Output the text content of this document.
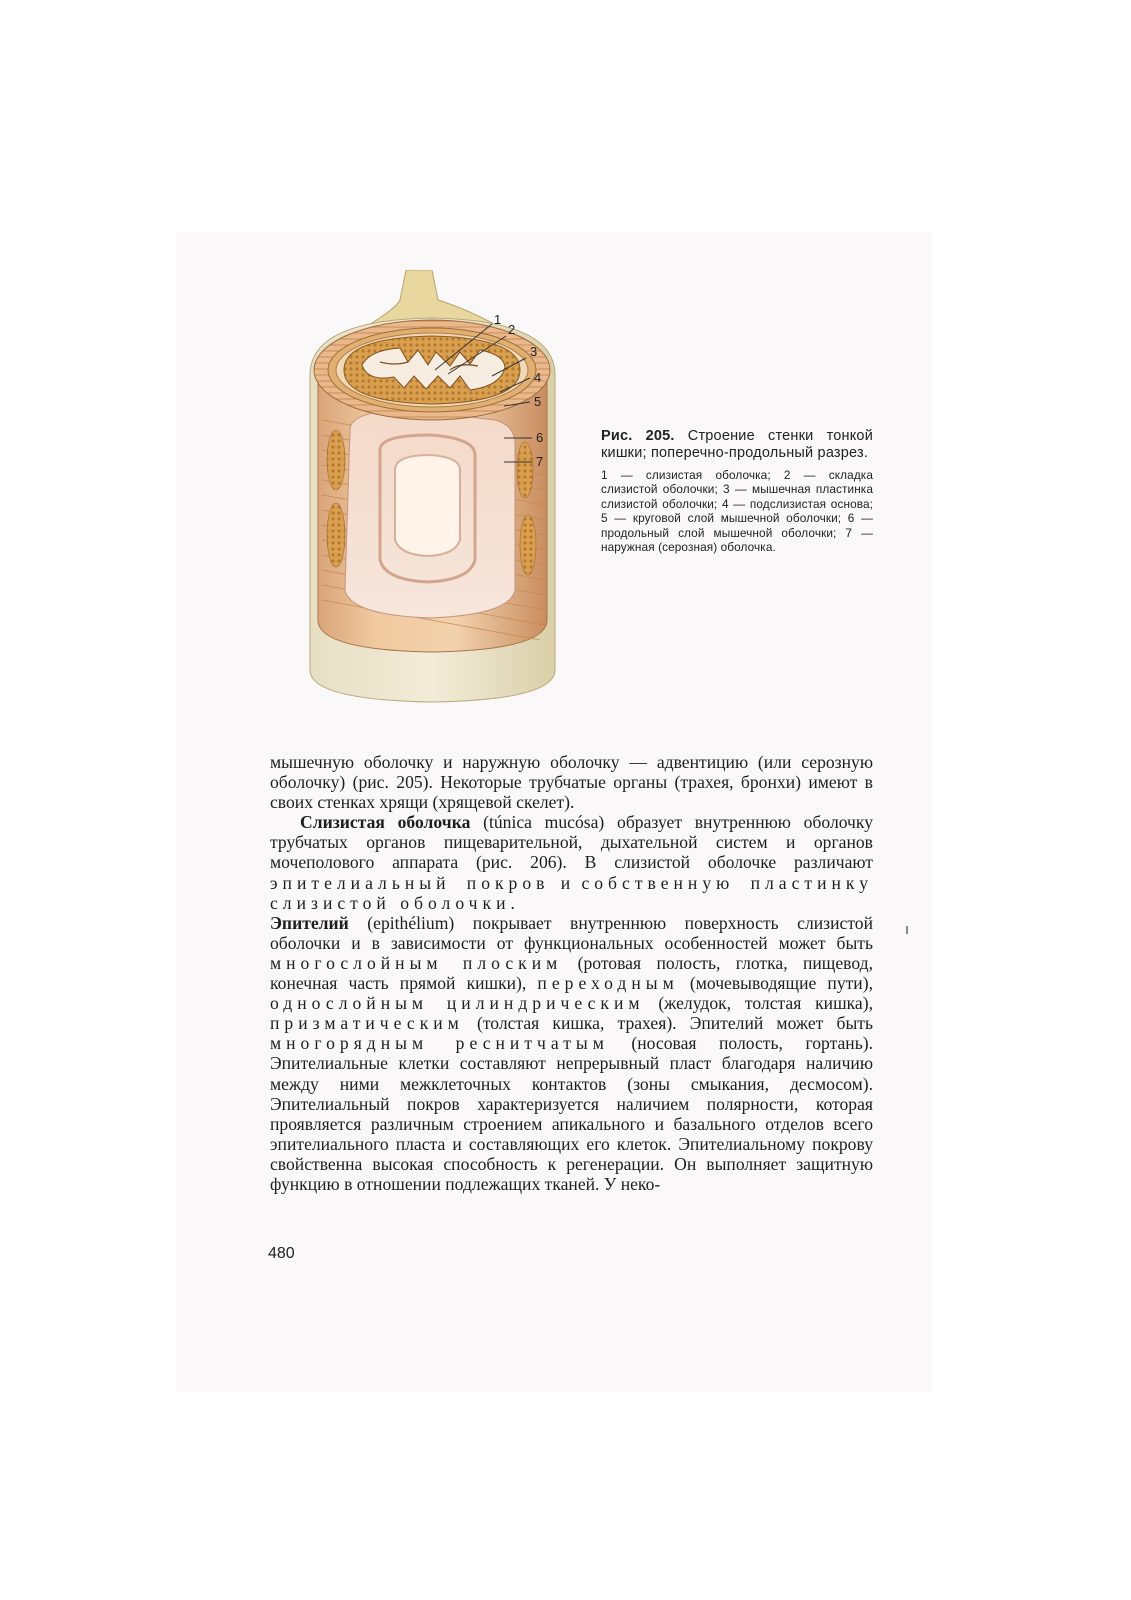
1
2
3
4
5
6
7

Рис. 205. Строение стенки тонкой кишки; поперечно-продольный разрез.

1 — слизистая оболочка; 2 — складка слизистой оболочки; 3 — мышечная пластинка слизистой оболочки; 4 — подслизистая основа; 5 — круговой слой мышечной оболочки; 6 — продольный слой мышечной оболочки; 7 — наружная (серозная) оболочка.

мышечную оболочку и наружную оболочку — адвентицию (или серозную оболочку) (рис. 205). Некоторые трубчатые органы (трахея, бронхи) имеют в своих стенках хрящи (хрящевой скелет).

Слизистая оболочка (túnica mucósa) образует внутреннюю оболочку трубчатых органов пищеварительной, дыхательной систем и органов мочеполового аппарата (рис. 206). В слизистой оболочке различают эпителиальный покров и собственную пластинку слизистой оболочки.

Эпителий (epithélium) покрывает внутреннюю поверхность слизистой оболочки и в зависимости от функциональных особенностей может быть многослойным плоским (ротовая полость, глотка, пищевод, конечная часть прямой кишки), переходным (мочевыводящие пути), однослойным цилиндрическим (желудок, толстая кишка), призматическим (толстая кишка, трахея). Эпителий может быть многорядным реснитчатым (носовая полость, гортань). Эпителиальные клетки составляют непрерывный пласт благодаря наличию между ними межклеточных контактов (зоны смыкания, десмосом). Эпителиальный покров характеризуется наличием полярности, которая проявляется различным строением апикального и базального отделов всего эпителиального пласта и составляющих его клеток. Эпителиальному покрову свойственна высокая способность к регенерации. Он выполняет защитную функцию в отношении подлежащих тканей. У неко-

480
